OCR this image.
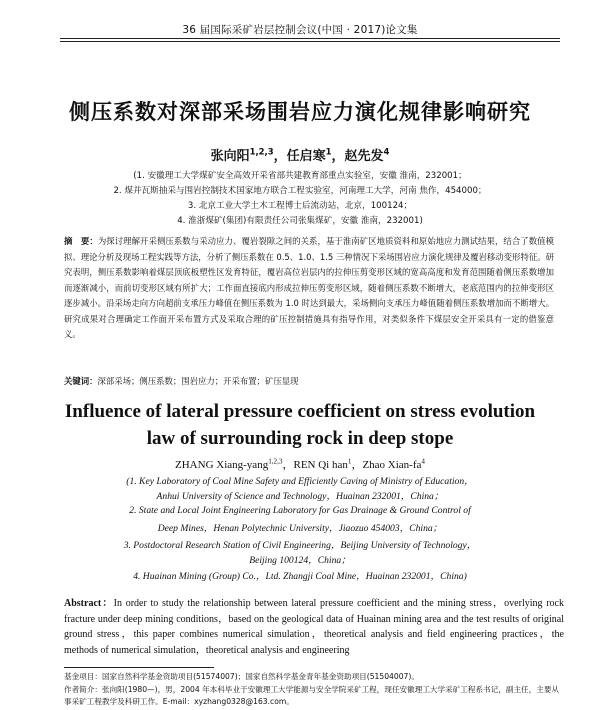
36 届国际采矿岩层控制会议(中国 · 2017)论文集
侧压系数对深部采场围岩应力演化规律影响研究
张向阳$^{1,2,3}$，任启寒$^1$，赵先发$^4$
(1. 安徽理工大学煤矿安全高效开采省部共建教育部重点实验室，安徽 淮南，232001；
2. 煤并瓦斯抽采与围岩控制技术国家地方联合工程实验室，河南理工大学，河南 焦作，454000；
3. 北京工业大学土木工程博士后流动站，北京，100124；
4. 淮浙煤矿(集团)有限责任公司张集煤矿，安徽 淮南，232001)
摘　要：为探讨理解开采侧压系数与采动应力、覆岩裂隙之间的关系，基于淮南矿区地质资料和原始地应力测试结果，结合了数值模拟、理论分析及现场工程实践等方法，分析了侧压系数在 0.5、1.0、1.5 三种情况下采场围岩应力演化规律及覆岩移动变形特征。研究表明，侧压系数影响着煤层顶底板塑性区发育特征，覆岩高位岩层内的拉伸压剪变形区域的宽高高度和发育范围随着侧压系数增加而逐渐减小，而前切变形区域有所扩大；工作面直接底内形成拉伸压剪变形区域，随着侧压系数不断增大，老底范围内的拉伸变形区逐步减小。沿采场走向方向超前支承压力峰值在侧压系数为 1.0 时达到最大，采场侧向支承压力峰值随着侧压系数增加而不断增大。研究成果对合理确定工作面开采布置方式及采取合理的矿压控制措施具有指导作用，对类似条件下煤层安全开采具有一定的借鉴意义。
关键词：深部采场；侧压系数；围岩应力；开采布置；矿压显现
Influence of lateral pressure coefficient on stress evolution
law of surrounding rock in deep stope
ZHANG Xiang-yang$^{1,2,3}$，REN Qi han$^1$，Zhao Xian-$fa^4$
(1. Key Laboratory of Coal Mine Safety and Efficiently Caving of Ministry of Education，
Anhui University of Science and Technology，Huainan 232001，China；
2. State and Local Joint Engineering Laboratory for Gas Drainage & Ground Control of
Deep Mines，Henan Polytechnic University，Jiaozuo 454003，China；
3. Postdoctoral Research Station of Civil Engineering，Beijing University of Technology，
Beijing 100124，China；
4. Huainan Mining (Group) Co.，Ltd. Zhangji Coal Mine，Huainan 232001，China)
Abstract：In order to study the relationship between lateral pressure coefficient and the mining stress，overlying rock fracture under deep mining conditions，based on the geological data of Huainan mining area and the test results of original ground stress，this paper combines numerical simulation，theoretical analysis and field engineering practices，the methods of numerical simulation，theoretical analysis and engineering
基金项目：国家自然科学基金资助项目(51574007)；国家自然科学基金青年基金资助项目(51504007)。
作者简介：张向阳(1980—)，男，2004 年本科毕业于安徽理工大学能源与安全学院采矿工程，现任安徽理工大学采矿工程系书记，副主任，主要从事采矿工程教学及科研工作。E-mail：xyzhang0328@163.com。
